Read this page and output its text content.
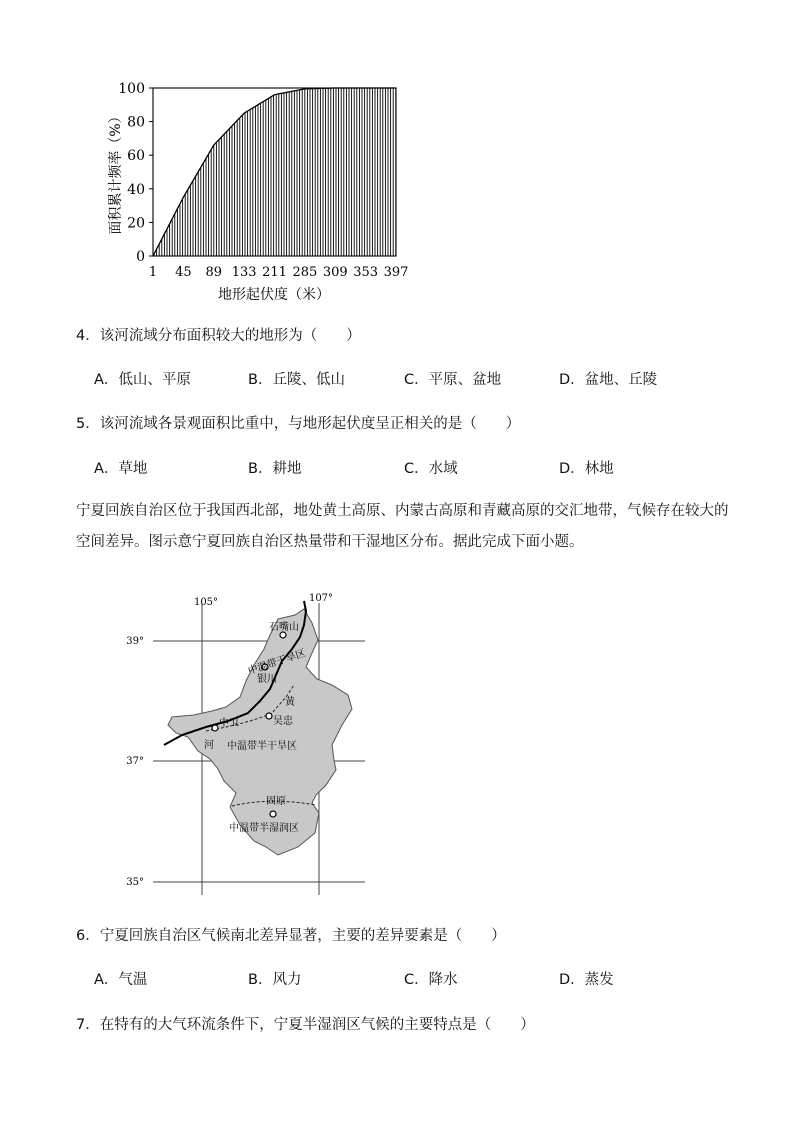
0
20
40
60
80
100
1 45 89 133 211 285 309 353 397
地形起伏度（米）
面积累计频率（%）
4．该河流域分布面积较大的地形为（　　）
A．低山、平原	B．丘陵、低山	C．平原、盆地	D．盆地、丘陵
5．该河流域各景观面积比重中，与地形起伏度呈正相关的是（　　）
A．草地	B．耕地	C．水域	D．林地
宁夏回族自治区位于我国西北部，地处黄土高原、内蒙古高原和青藏高原的交汇地带，气候存在较大的空间差异。图示意宁夏回族自治区热量带和干湿地区分布。据此完成下面小题。
105°	107°
39°
37°
35°
石嘴山
银川
中卫	吴忠
固原
中温带干旱区
中温带半干旱区
中温带半湿润区
黄
河
6．宁夏回族自治区气候南北差异显著，主要的差异要素是（　　）
A．气温	B．风力	C．降水	D．蒸发
7．在特有的大气环流条件下，宁夏半湿润区气候的主要特点是（　　）
